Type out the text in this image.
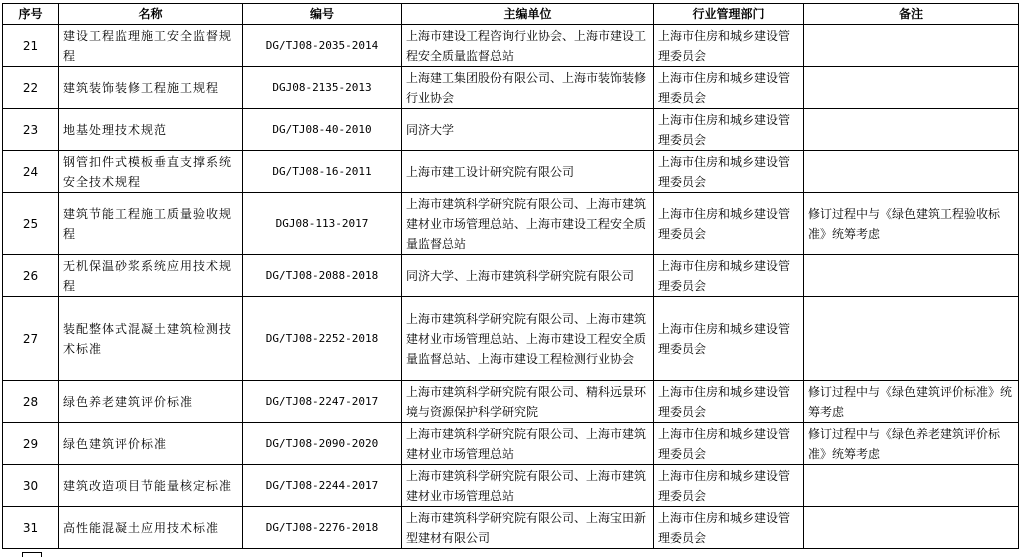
序号	名称	编号	主编单位	行业管理部门	备注
21	建设工程监理施工安全监督规程	DG/TJ08-2035-2014	上海市建设工程咨询行业协会、上海市建设工程安全质量监督总站	上海市住房和城乡建设管理委员会	
22	建筑装饰装修工程施工规程	DGJ08-2135-2013	上海建工集团股份有限公司、上海市装饰装修行业协会	上海市住房和城乡建设管理委员会	
23	地基处理技术规范	DG/TJ08-40-2010	同济大学	上海市住房和城乡建设管理委员会	
24	钢管扣件式模板垂直支撑系统安全技术规程	DG/TJ08-16-2011	上海市建工设计研究院有限公司	上海市住房和城乡建设管理委员会	
25	建筑节能工程施工质量验收规程	DGJ08-113-2017	上海市建筑科学研究院有限公司、上海市建筑建材业市场管理总站、上海市建设工程安全质量监督总站	上海市住房和城乡建设管理委员会	修订过程中与《绿色建筑工程验收标准》统筹考虑
26	无机保温砂浆系统应用技术规程	DG/TJ08-2088-2018	同济大学、上海市建筑科学研究院有限公司	上海市住房和城乡建设管理委员会	
27	装配整体式混凝土建筑检测技术标准	DG/TJ08-2252-2018	上海市建筑科学研究院有限公司、上海市建筑建材业市场管理总站、上海市建设工程安全质量监督总站、上海市建设工程检测行业协会	上海市住房和城乡建设管理委员会	
28	绿色养老建筑评价标准	DG/TJ08-2247-2017	上海市建筑科学研究院有限公司、精科远景环境与资源保护科学研究院	上海市住房和城乡建设管理委员会	修订过程中与《绿色建筑评价标准》统筹考虑
29	绿色建筑评价标准	DG/TJ08-2090-2020	上海市建筑科学研究院有限公司、上海市建筑建材业市场管理总站	上海市住房和城乡建设管理委员会	修订过程中与《绿色养老建筑评价标准》统筹考虑
30	建筑改造项目节能量核定标准	DG/TJ08-2244-2017	上海市建筑科学研究院有限公司、上海市建筑建材业市场管理总站	上海市住房和城乡建设管理委员会	
31	高性能混凝土应用技术标准	DG/TJ08-2276-2018	上海市建筑科学研究院有限公司、上海宝田新型建材有限公司	上海市住房和城乡建设管理委员会	
